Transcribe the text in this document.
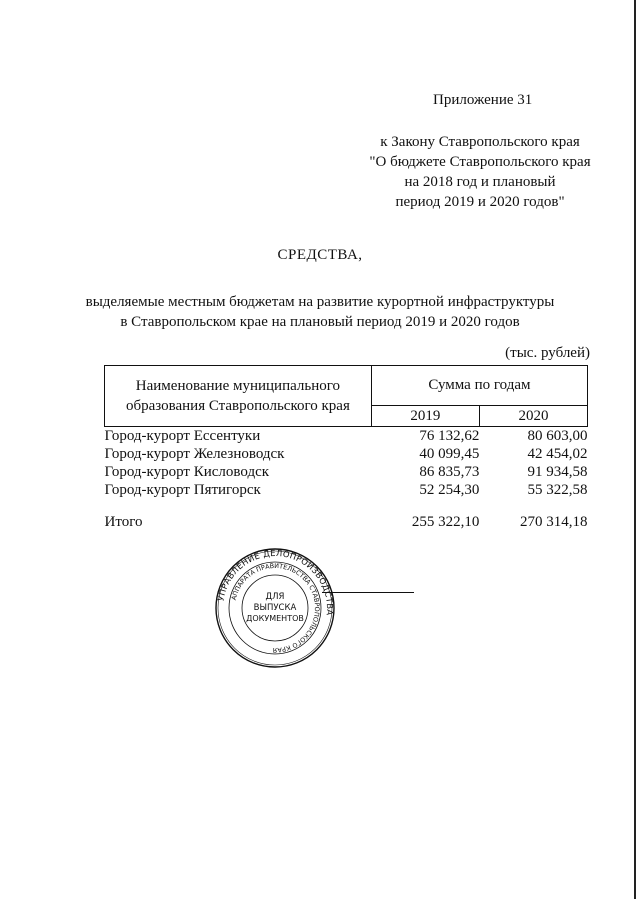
Приложение 31
к Закону Ставропольского края
"О бюджете Ставропольского края
на 2018 год и плановый
период 2019 и 2020 годов"
СРЕДСТВА,
выделяемые местным бюджетам на развитие курортной инфраструктуры
в Ставропольском крае на плановый период 2019 и 2020 годов
(тыс. рублей)
Наименование муниципального
образования Ставропольского края	Сумма по годам	
	2019	2020
Город-курорт Ессентуки	76 132,62	80 603,00
Город-курорт Железноводск	40 099,45	42 454,02
Город-курорт Кисловодск	86 835,73	91 934,58
Город-курорт Пятигорск	52 254,30	55 322,58

Итого	255 322,10	270 314,18
УПРАВЛЕНИЕ ДЕЛОПРОИЗВОДСТВА
АППАРАТА ПРАВИТЕЛЬСТВА СТАВРОПОЛЬСКОГО КРАЯ
ДЛЯ
ВЫПУСКА
ДОКУМЕНТОВ
